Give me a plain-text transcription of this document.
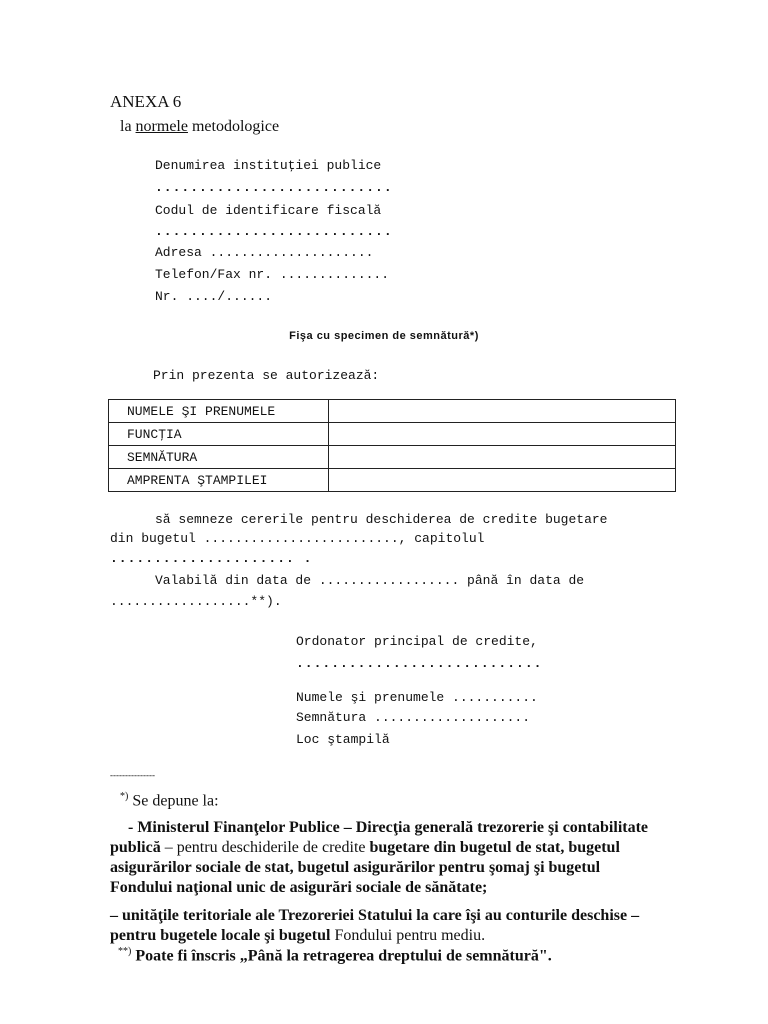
ANEXA 6
la normele metodologice
Denumirea instituţiei publice
...........................
Codul de identificare fiscală
...........................
Adresa .....................
Telefon/Fax nr. ..............
Nr. ..../......
Fişa cu specimen de semnătură*)
Prin prezenta se autorizează:
NUMELE ŞI PRENUMELE	
FUNCŢIA	
SEMNĂTURA	
AMPRENTA ŞTAMPILEI	
să semneze cererile pentru deschiderea de credite bugetare
din bugetul ........................., capitolul
..................... .
Valabilă din data de .................. până în data de
..................**).
Ordonator principal de credite,
............................
Numele şi prenumele ...........
Semnătura ....................
Loc ştampilă
---------------
*) Se depune la:
- Ministerul Finanţelor Publice – Direcţia generală trezorerie şi contabilitate publică – pentru deschiderile de credite bugetare din bugetul de stat, bugetul asigurărilor sociale de stat, bugetul asigurărilor pentru şomaj şi bugetul Fondului naţional unic de asigurări sociale de sănătate;
– unităţile teritoriale ale Trezoreriei Statului la care îşi au conturile deschise – pentru bugetele locale şi bugetul Fondului pentru mediu.
**) Poate fi înscris „Până la retragerea dreptului de semnătură".
